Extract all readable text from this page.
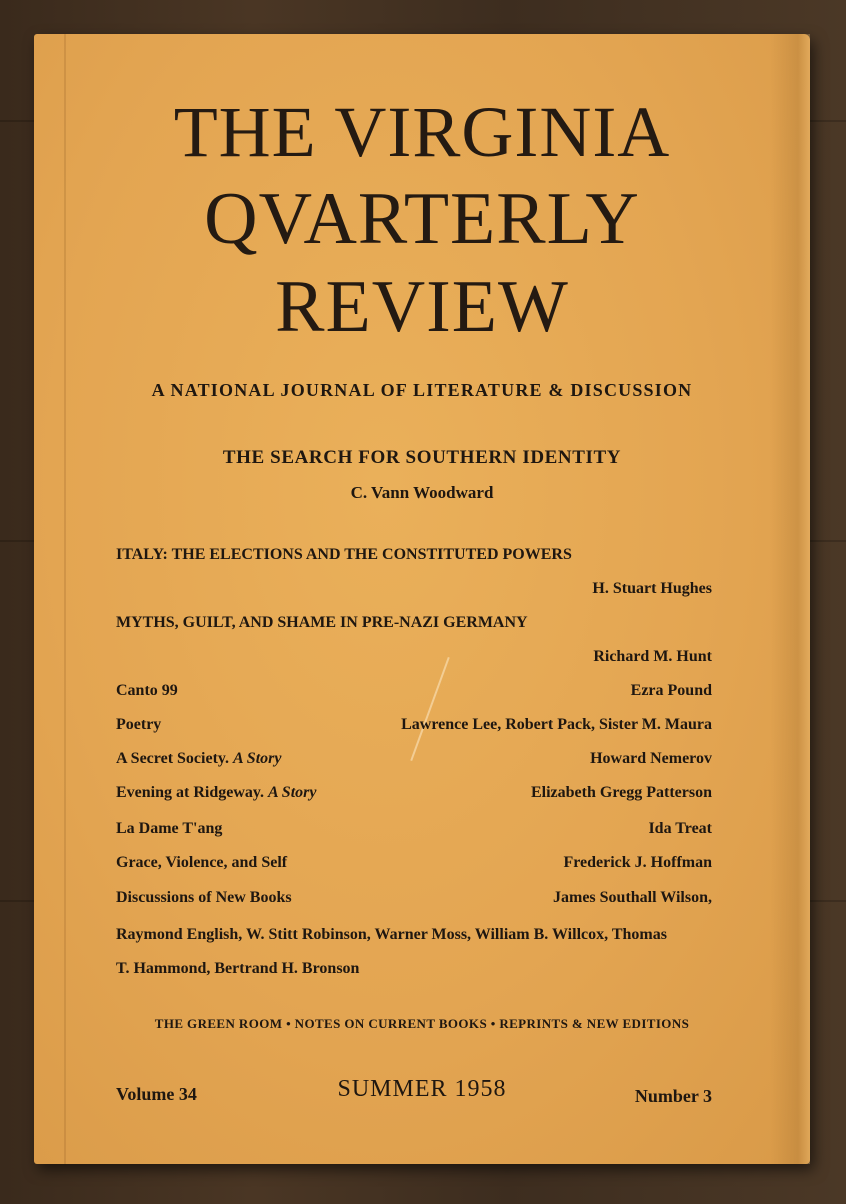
THE VIRGINIA
QVARTERLY
REVIEW
A NATIONAL JOURNAL OF LITERATURE & DISCUSSION
THE SEARCH FOR SOUTHERN IDENTITY
C. Vann Woodward
ITALY: THE ELECTIONS AND THE CONSTITUTED POWERS
H. Stuart Hughes
MYTHS, GUILT, AND SHAME IN PRE-NAZI GERMANY
Richard M. Hunt
Canto 99	Ezra Pound
Poetry	Lawrence Lee, Robert Pack, Sister M. Maura
A Secret Society. A Story	Howard Nemerov
Evening at Ridgeway. A Story	Elizabeth Gregg Patterson
La Dame T'ang	Ida Treat
Grace, Violence, and Self	Frederick J. Hoffman
Discussions of New Books	James Southall Wilson,
Raymond English, W. Stitt Robinson, Warner Moss, William B. Willcox, Thomas
T. Hammond, Bertrand H. Bronson
THE GREEN ROOM • NOTES ON CURRENT BOOKS • REPRINTS & NEW EDITIONS
Volume 34	SUMMER 1958	Number 3
